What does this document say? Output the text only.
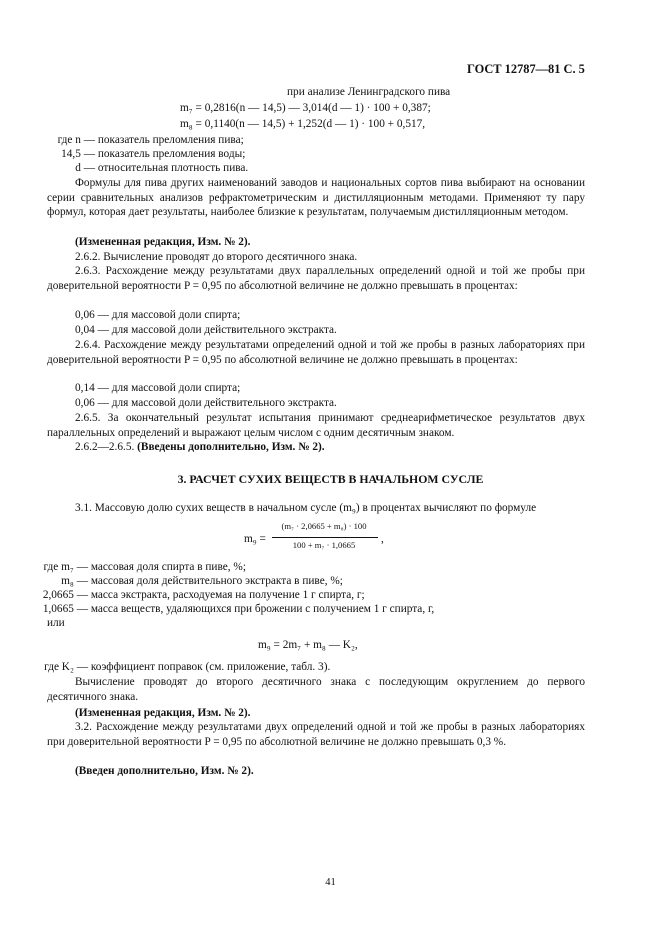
ГОСТ 12787—81 С. 5
при анализе Ленинградского пива
m₇ = 0,2816(n — 14,5) — 3,014(d — 1) · 100 + 0,387;
m₈ = 0,1140(n — 14,5) + 1,252(d — 1) · 100 + 0,517,
где n — показатель преломления пива;
14,5 — показатель преломления воды;
d — относительная плотность пива.
Формулы для пива других наименований заводов и национальных сортов пива выбирают на основании серии сравнительных анализов рефрактометрическим и дистилляционным методами. Применяют ту пару формул, которая дает результаты, наиболее близкие к результатам, получаемым дистилляционным методом.
(Измененная редакция, Изм. № 2).
2.6.2. Вычисление проводят до второго десятичного знака.
2.6.3. Расхождение между результатами двух параллельных определений одной и той же пробы при доверительной вероятности P = 0,95 по абсолютной величине не должно превышать в процентах:
0,06 — для массовой доли спирта;
0,04 — для массовой доли действительного экстракта.
2.6.4. Расхождение между результатами определений одной и той же пробы в разных лабораториях при доверительной вероятности P = 0,95 по абсолютной величине не должно превышать в процентах:
0,14 — для массовой доли спирта;
0,06 — для массовой доли действительного экстракта.
2.6.5. За окончательный результат испытания принимают среднеарифметическое результатов двух параллельных определений и выражают целым числом с одним десятичным знаком.
2.6.2—2.6.5. (Введены дополнительно, Изм. № 2).
3. РАСЧЕТ СУХИХ ВЕЩЕСТВ В НАЧАЛЬНОМ СУСЛЕ
3.1. Массовую долю сухих веществ в начальном сусле (m₉) в процентах вычисляют по формуле
m₉ =
(m₇ · 2,0665 + m₈) · 100
100 + m₇ · 1,0665	,
где m₇ — массовая доля спирта в пиве, %;
m₈ — массовая доля действительного экстракта в пиве, %;
2,0665 — масса экстракта, расходуемая на получение 1 г спирта, г;
1,0665 — масса веществ, удаляющихся при брожении с получением 1 г спирта, г,
или
m₉ = 2m₇ + m₈ — K₂,
где K₂ — коэффициент поправок (см. приложение, табл. 3).
Вычисление проводят до второго десятичного знака с последующим округлением до первого десятичного знака.
(Измененная редакция, Изм. № 2).
3.2. Расхождение между результатами двух определений одной и той же пробы в разных лабораториях при доверительной вероятности P = 0,95 по абсолютной величине не должно превышать 0,3 %.
(Введен дополнительно, Изм. № 2).
41
